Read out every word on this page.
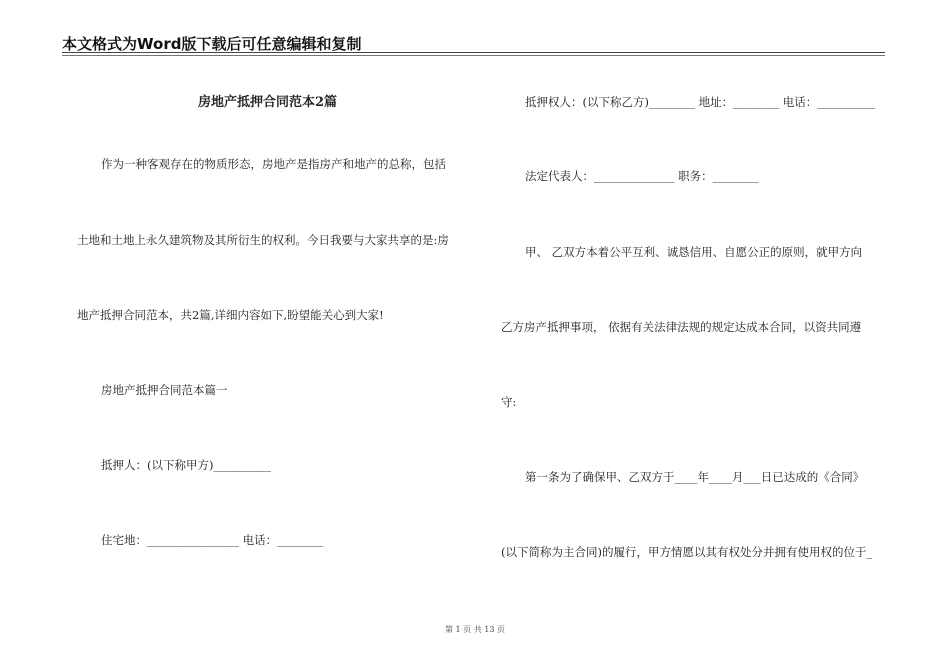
本文格式为Word版下载后可任意编辑和复制
房地产抵押合同范本2篇
作为一种客观存在的物质形态，房地产是指房产和地产的总称，包括
土地和土地上永久建筑物及其所衍生的权利。今日我要与大家共享的是:房
地产抵押合同范本，共2篇,详细内容如下,盼望能关心到大家!
房地产抵押合同范本篇一
抵押人：(以下称甲方)__________
住宅地：________________ 电话：________
抵押权人：(以下称乙方)________ 地址：________ 电话：__________
法定代表人：______________ 职务：________
甲、 乙双方本着公平互利、诚恳信用、自愿公正的原则，就甲方向
乙方房产抵押事项， 依据有关法律法规的规定达成本合同，以资共同遵
守:
第一条为了确保甲、乙双方于____年____月___日已达成的《合同》
(以下简称为主合同)的履行，甲方情愿以其有权处分并拥有使用权的位于_
第 1 页 共 13 页
